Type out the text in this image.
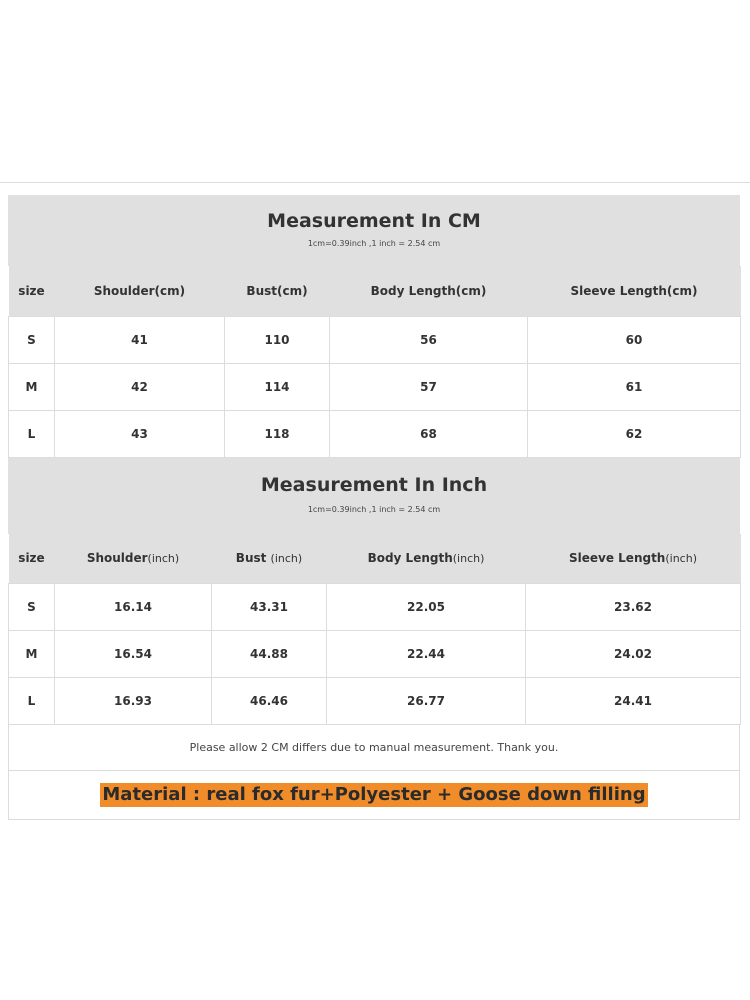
Measurement In CM
1cm=0.39inch ,1 inch = 2.54 cm
size	Shoulder(cm)	Bust(cm)	Body Length(cm)	Sleeve Length(cm)
S	41	110	56	60
M	42	114	57	61
L	43	118	68	62
Measurement In Inch
1cm=0.39inch ,1 inch = 2.54 cm
size	Shoulder(inch)	Bust (inch)	Body Length(inch)	Sleeve Length(inch)
S	16.14	43.31	22.05	23.62
M	16.54	44.88	22.44	24.02
L	16.93	46.46	26.77	24.41
Please allow 2 CM differs due to manual measurement. Thank you.
Material : real fox fur+Polyester + Goose down filling
